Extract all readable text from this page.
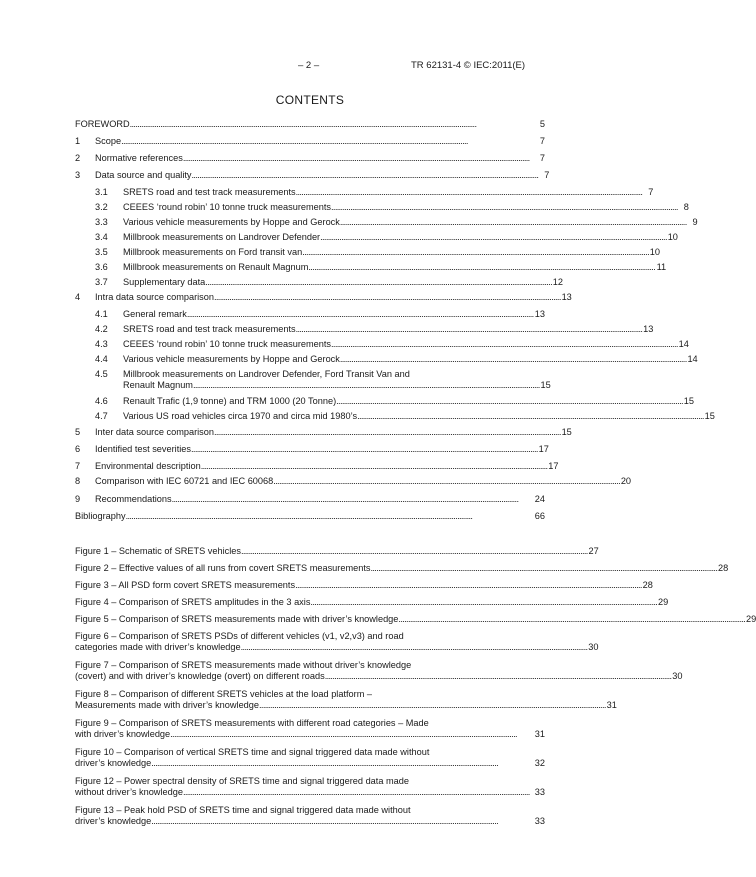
– 2 –	TR 62131-4 © IEC:2011(E)
CONTENTS
FOREWORD . . .	5
1	Scope . . .	7
2	Normative references . . .	7
3	Data source and quality . . .	7
3.1	SRETS road and test track measurements . . .	7
3.2	CEEES ‘round robin’ 10 tonne truck measurements . . .	8
3.3	Various vehicle measurements by Hoppe and Gerock . . .	9
3.4	Millbrook measurements on Landrover Defender . . .	10
3.5	Millbrook measurements on Ford transit van . . .	10
3.6	Millbrook measurements on Renault Magnum . . .	11
3.7	Supplementary data . . .	12
4	Intra data source comparison . . .	13
4.1	General remark . . .	13
4.2	SRETS road and test track measurements . . .	13
4.3	CEEES ‘round robin’ 10 tonne truck measurements . . .	14
4.4	Various vehicle measurements by Hoppe and Gerock . . .	14
4.5 Millbrook measurements on Landrover Defender, Ford Transit Van and
Renault Magnum . . .	15
4.6	Renault Trafic (1,9 tonne) and TRM 1000 (20 Tonne) . . .	15
4.7	Various US road vehicles circa 1970 and circa mid 1980’s . . .	15
5	Inter data source comparison . . .	15
6	Identified test severities . . .	17
7	Environmental description . . .	17
8	Comparison with IEC 60721 and IEC 60068 . . .	20
9	Recommendations . . .	24
Bibliography . . .	66
Figure 1 – Schematic of SRETS vehicles . . .	27
Figure 2 – Effective values of all runs from covert SRETS measurements . . .	28
Figure 3 – All PSD form covert SRETS measurements . . .	28
Figure 4 – Comparison of SRETS amplitudes in the 3 axis . . .	29
Figure 5 – Comparison of SRETS measurements made with driver’s knowledge . . .	29
Figure 6 – Comparison of SRETS PSDs of different vehicles (v1, v2,v3) and road
categories made with driver’s knowledge . . .	30
Figure 7 – Comparison of SRETS measurements made without driver’s knowledge
(covert) and with driver’s knowledge (overt) on different roads . . .	30
Figure 8 – Comparison of different SRETS vehicles at the load platform –
Measurements made with driver’s knowledge . . .	31
Figure 9 – Comparison of SRETS measurements with different road categories – Made
with driver’s knowledge . . .	31
Figure 10 – Comparison of vertical SRETS time and signal triggered data made without
driver’s knowledge . . .	32
Figure 12 – Power spectral density of SRETS time and signal triggered data made
without driver’s knowledge . . .	33
Figure 13 – Peak hold PSD of SRETS time and signal triggered data made without
driver’s knowledge . . .	33
